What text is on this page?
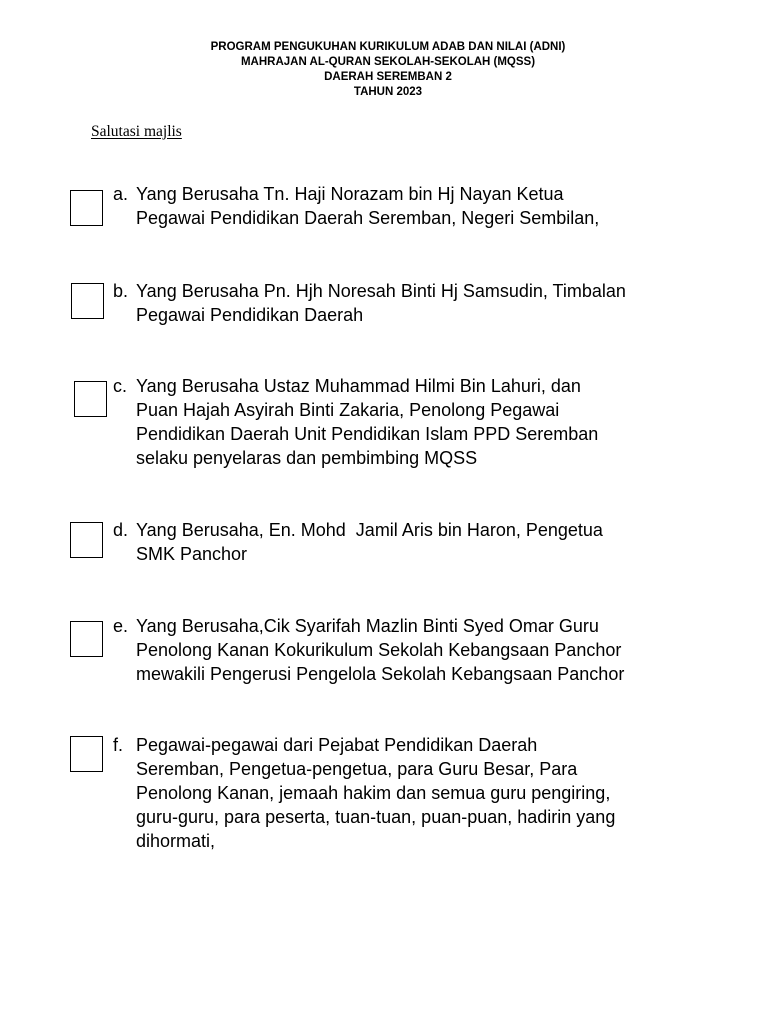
PROGRAM PENGUKUHAN KURIKULUM ADAB DAN NILAI (ADNI)
MAHRAJAN AL-QURAN SEKOLAH-SEKOLAH (MQSS)
DAERAH SEREMBAN 2
TAHUN 2023
Salutasi majlis
a. Yang Berusaha Tn. Haji Norazam bin Hj Nayan Ketua
Pegawai Pendidikan Daerah Seremban, Negeri Sembilan,
b. Yang Berusaha Pn. Hjh Noresah Binti Hj Samsudin, Timbalan
Pegawai Pendidikan Daerah
c. Yang Berusaha Ustaz Muhammad Hilmi Bin Lahuri, dan
Puan Hajah Asyirah Binti Zakaria, Penolong Pegawai
Pendidikan Daerah Unit Pendidikan Islam PPD Seremban
selaku penyelaras dan pembimbing MQSS
d. Yang Berusaha, En. Mohd  Jamil Aris bin Haron, Pengetua
SMK Panchor
e. Yang Berusaha,Cik Syarifah Mazlin Binti Syed Omar Guru
Penolong Kanan Kokurikulum Sekolah Kebangsaan Panchor
mewakili Pengerusi Pengelola Sekolah Kebangsaan Panchor
f. Pegawai-pegawai dari Pejabat Pendidikan Daerah
Seremban, Pengetua-pengetua, para Guru Besar, Para
Penolong Kanan, jemaah hakim dan semua guru pengiring,
guru-guru, para peserta, tuan-tuan, puan-puan, hadirin yang
dihormati,
